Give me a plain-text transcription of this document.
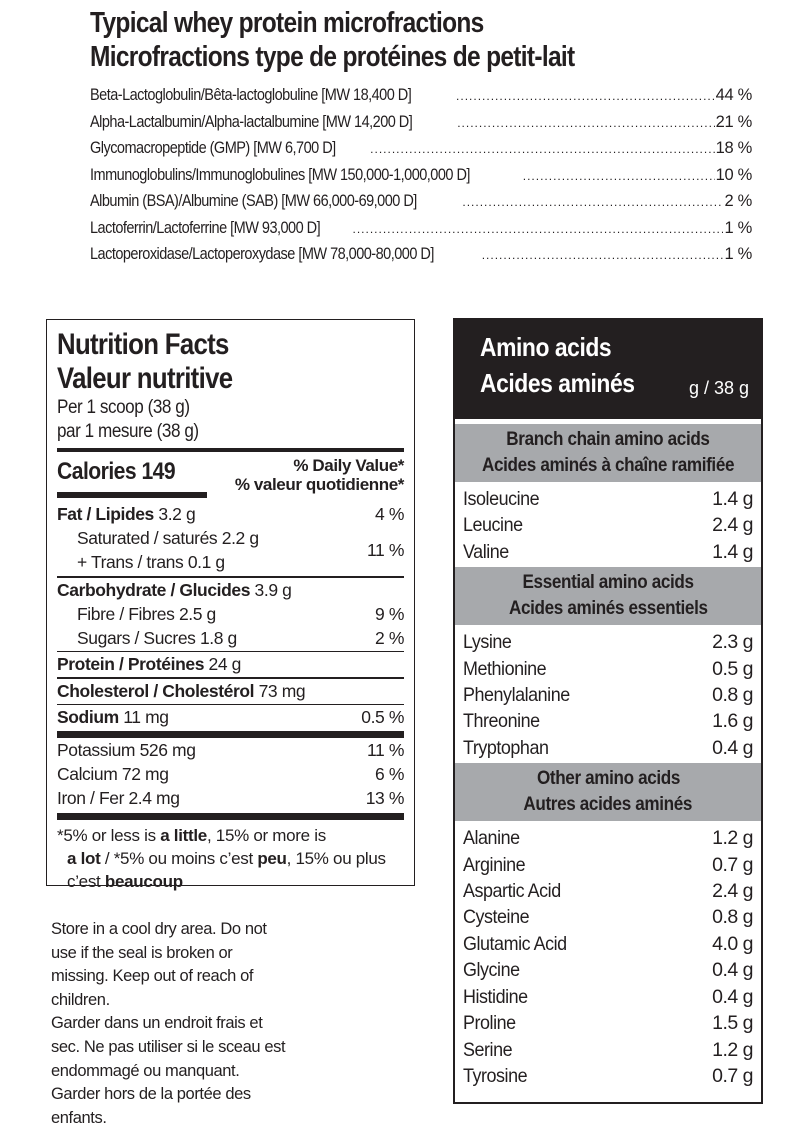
Typical whey protein microfractions
Microfractions type de protéines de petit-lait
Beta-Lactoglobulin/Bêta-lactoglobuline [MW 18,400 D] .....	44 %
Alpha-Lactalbumin/Alpha-lactalbumine [MW 14,200 D] .....	21 %
Glycomacropeptide (GMP) [MW 6,700 D] .....	18 %
Immunoglobulins/Immunoglobulines [MW 150,000-1,000,000 D] .....	10 %
Albumin (BSA)/Albumine (SAB) [MW 66,000-69,000 D] .....	2 %
Lactoferrin/Lactoferrine [MW 93,000 D] .....	1 %
Lactoperoxidase/Lactoperoxydase [MW 78,000-80,000 D] .....	1 %
Nutrition Facts
Valeur nutritive
Per 1 scoop (38 g)
par 1 mesure (38 g)
Calories 149	% Daily Value*
% valeur quotidienne*
Fat / Lipides 3.2 g	4 %
Saturated / saturés 2.2 g
+ Trans / trans 0.1 g
11 %
Carbohydrate / Glucides 3.9 g
Fibre / Fibres 2.5 g	9 %
Sugars / Sucres 1.8 g	2 %
Protein / Protéines 24 g
Cholesterol / Cholestérol 73 mg
Sodium 11 mg	0.5 %
Potassium 526 mg	11 %
Calcium 72 mg	6 %
Iron / Fer 2.4 mg	13 %
*5% or less is a little, 15% or more is
a lot / *5% ou moins c’est peu, 15% ou plus
c’est beaucoup
Store in a cool dry area. Do not
use if the seal is broken or
missing. Keep out of reach of
children.
Garder dans un endroit frais et
sec. Ne pas utiliser si le sceau est
endommagé ou manquant.
Garder hors de la portée des
enfants.
Amino acids
Acides aminés	g / 38 g
Branch chain amino acids
Acides aminés à chaîne ramifiée
Isoleucine	1.4 g
Leucine	2.4 g
Valine	1.4 g
Essential amino acids
Acides aminés essentiels
Lysine	2.3 g
Methionine	0.5 g
Phenylalanine	0.8 g
Threonine	1.6 g
Tryptophan	0.4 g
Other amino acids
Autres acides aminés
Alanine	1.2 g
Arginine	0.7 g
Aspartic Acid	2.4 g
Cysteine	0.8 g
Glutamic Acid	4.0 g
Glycine	0.4 g
Histidine	0.4 g
Proline	1.5 g
Serine	1.2 g
Tyrosine	0.7 g
